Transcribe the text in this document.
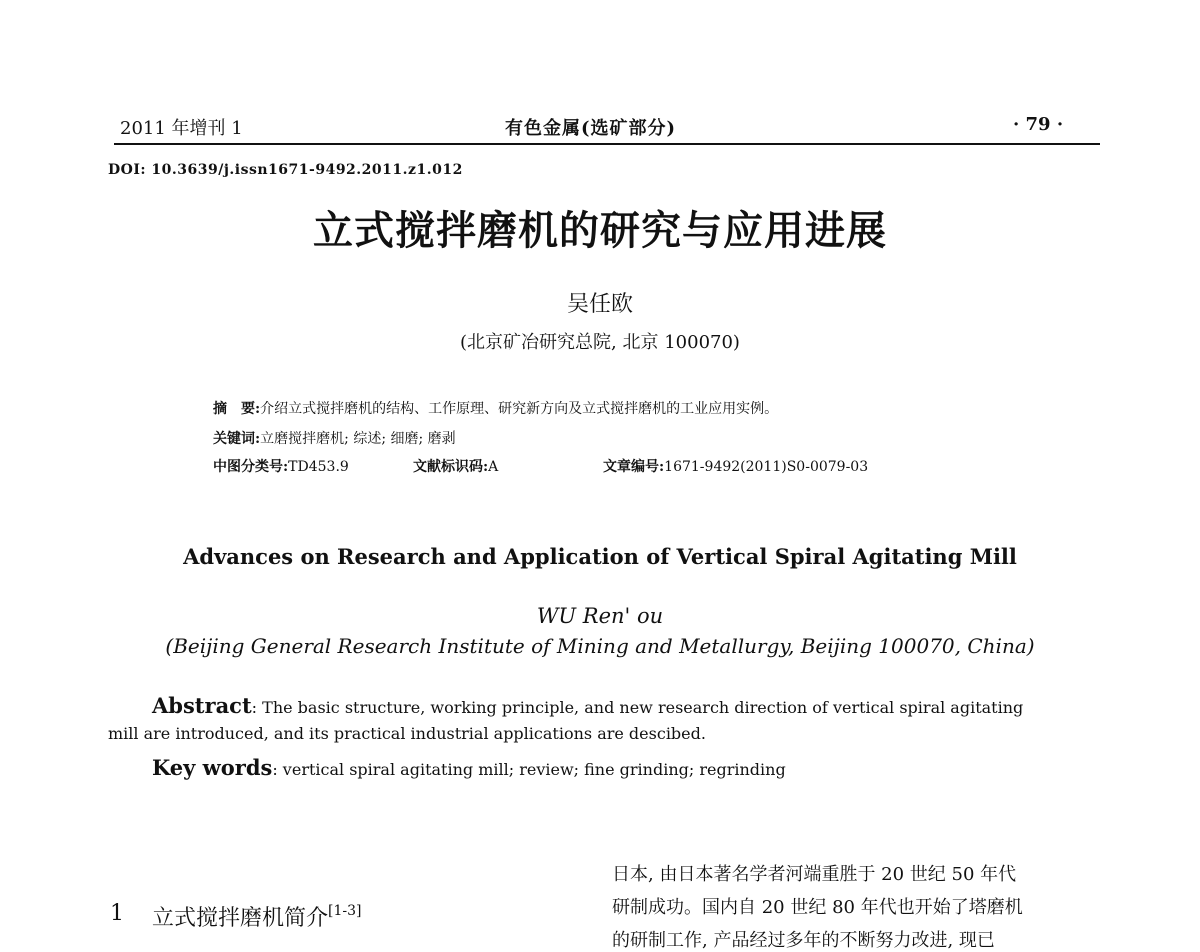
2011 年增刊 1	有色金属(选矿部分)	· 79 ·
DOI: 10.3639/j.issn1671-9492.2011.z1.012
立式搅拌磨机的研究与应用进展
吴任欧
(北京矿冶研究总院, 北京 100070)
摘　要:介绍立式搅拌磨机的结构、工作原理、研究新方向及立式搅拌磨机的工业应用实例。
关键词:立磨搅拌磨机; 综述; 细磨; 磨剥
中图分类号:TD453.9	文献标识码:A	文章编号:1671-9492(2011)S0-0079-03
Advances on Research and Application of Vertical Spiral Agitating Mill
WU Ren' ou
(Beijing General Research Institute of Mining and Metallurgy, Beijing 100070, China)
Abstract: The basic structure, working principle, and new research direction of vertical spiral agitating
mill are introduced, and its practical industrial applications are descibed.
Key words: vertical spiral agitating mill; review; fine grinding; regrinding
1 立式搅拌磨机简介[1-3]
日本, 由日本著名学者河端重胜于 20 世纪 50 年代
研制成功。国内自 20 世纪 80 年代也开始了塔磨机
的研制工作, 产品经过多年的不断努力改进, 现已
